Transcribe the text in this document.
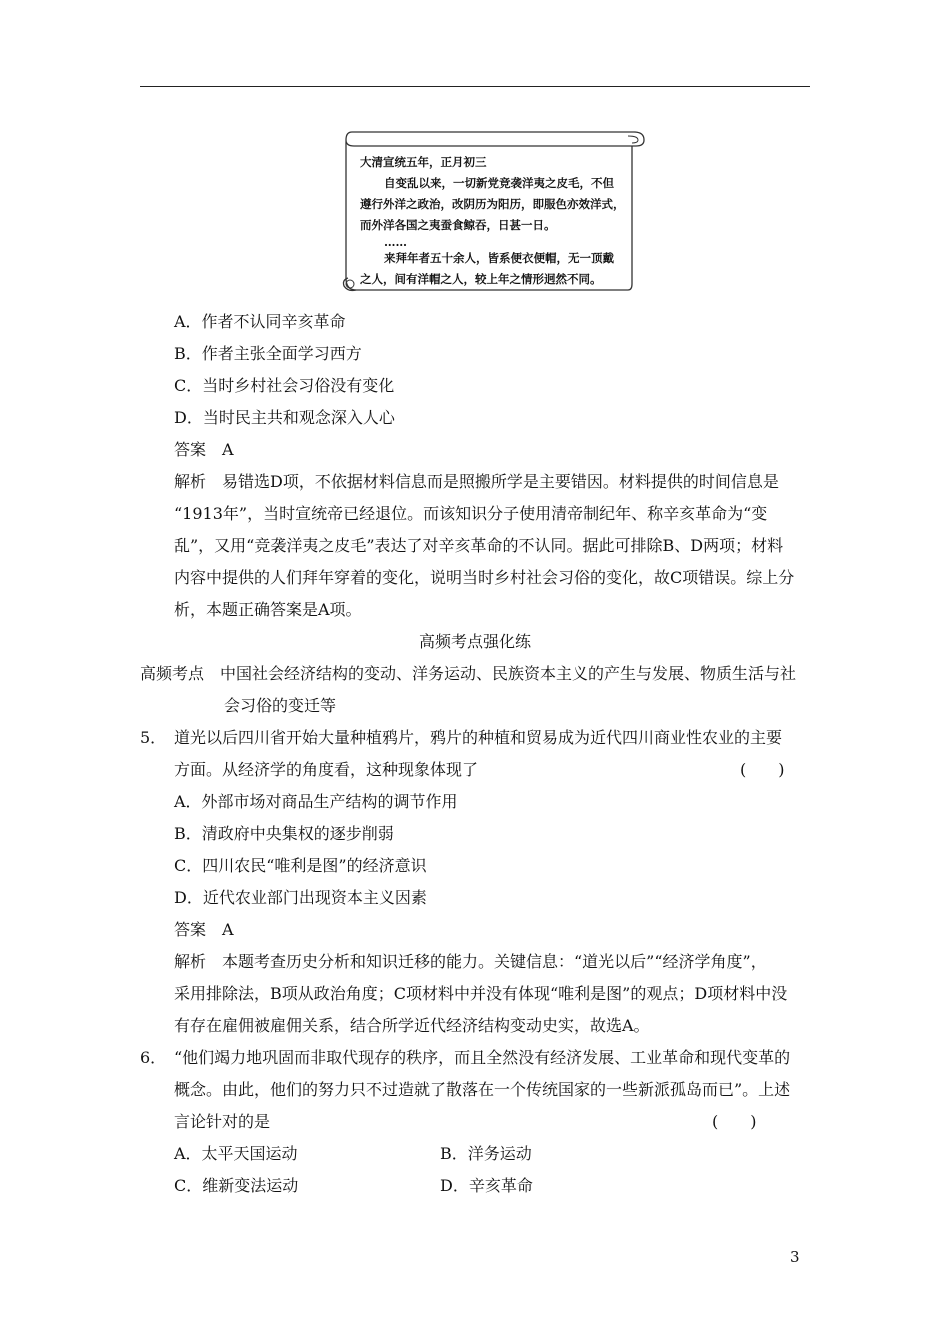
大清宣统五年，正月初三
自变乱以来，一切新党竞袭洋夷之皮毛，不但
遵行外洋之政治，改阴历为阳历，即服色亦效洋式，
而外洋各国之夷蚕食鲸吞，日甚一日。
……
来拜年者五十余人，皆系便衣便帽，无一顶戴
之人，间有洋帽之人，较上年之情形迥然不同。
A．作者不认同辛亥革命
B．作者主张全面学习西方
C．当时乡村社会习俗没有变化
D．当时民主共和观念深入人心
答案　A
解析　易错选D项，不依据材料信息而是照搬所学是主要错因。材料提供的时间信息是
“1913年”，当时宣统帝已经退位。而该知识分子使用清帝制纪年、称辛亥革命为“变
乱”，又用“竞袭洋夷之皮毛”表达了对辛亥革命的不认同。据此可排除B、D两项；材料
内容中提供的人们拜年穿着的变化，说明当时乡村社会习俗的变化，故C项错误。综上分
析，本题正确答案是A项。
高频考点强化练
高频考点　中国社会经济结构的变动、洋务运动、民族资本主义的产生与发展、物质生活与社
会习俗的变迁等
5． 道光以后四川省开始大量种植鸦片，鸦片的种植和贸易成为近代四川商业性农业的主要
方面。从经济学的角度看，这种现象体现了	(　　)
A．外部市场对商品生产结构的调节作用
B．清政府中央集权的逐步削弱
C．四川农民“唯利是图”的经济意识
D．近代农业部门出现资本主义因素
答案　A
解析　本题考查历史分析和知识迁移的能力。关键信息：“道光以后”“经济学角度”，
采用排除法，B项从政治角度；C项材料中并没有体现“唯利是图”的观点；D项材料中没
有存在雇佣被雇佣关系，结合所学近代经济结构变动史实，故选A。
6． “他们竭力地巩固而非取代现存的秩序，而且全然没有经济发展、工业革命和现代变革的
概念。由此，他们的努力只不过造就了散落在一个传统国家的一些新派孤岛而已”。上述
言论针对的是	(　　)
A．太平天国运动	B．洋务运动
C．维新变法运动	D．辛亥革命
3
